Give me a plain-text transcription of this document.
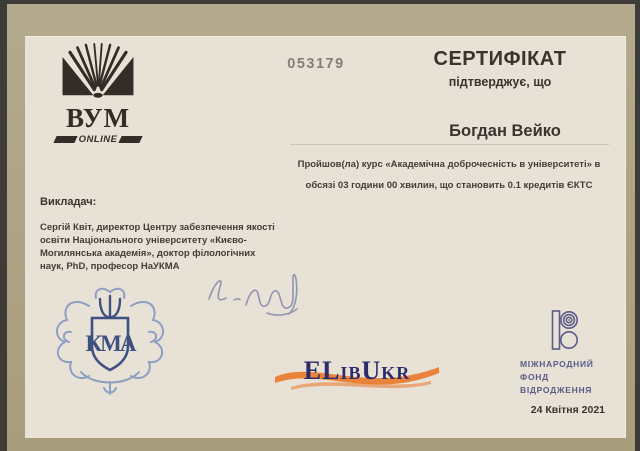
ВУМ
ONLINE
053179	СЕРТИФІКАТ
підтверджує, що
Богдан Вейко
Пройшов(ла) курс «Академічна доброчесність в університеті» в
обсязі 03 години 00 хвилин, що становить 0.1 кредитів ЄКТС
Викладач:
Сергій Квіт, директор Центру забезпечення якості
освіти Національного університету «Києво-
Могилянська академія», доктор філологічних
наук, PhD, професор НаУКМА
КМА
ELibUkr	МІЖНАРОДНИЙ
ФОНД
ВІДРОДЖЕННЯ
24 Квітня 2021
